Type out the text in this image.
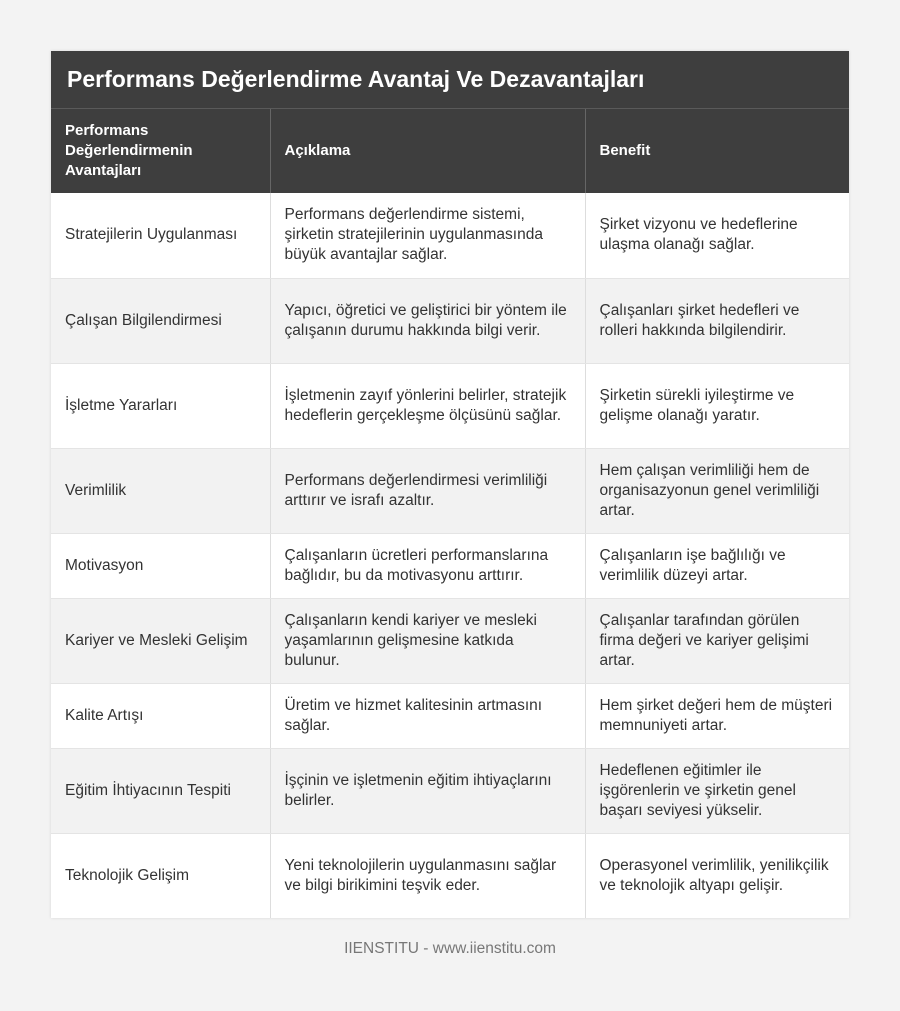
Performans Değerlendirme Avantaj Ve Dezavantajları
Performans Değerlendirmenin Avantajları	Açıklama	Benefit
Stratejilerin Uygulanması	Performans değerlendirme sistemi, şirketin stratejilerinin uygulanmasında büyük avantajlar sağlar.	Şirket vizyonu ve hedeflerine ulaşma olanağı sağlar.
Çalışan Bilgilendirmesi	Yapıcı, öğretici ve geliştirici bir yöntem ile çalışanın durumu hakkında bilgi verir.	Çalışanları şirket hedefleri ve rolleri hakkında bilgilendirir.
İşletme Yararları	İşletmenin zayıf yönlerini belirler, stratejik hedeflerin gerçekleşme ölçüsünü sağlar.	Şirketin sürekli iyileştirme ve gelişme olanağı yaratır.
Verimlilik	Performans değerlendirmesi verimliliği arttırır ve israfı azaltır.	Hem çalışan verimliliği hem de organisazyonun genel verimliliği artar.
Motivasyon	Çalışanların ücretleri performanslarına bağlıdır, bu da motivasyonu arttırır.	Çalışanların işe bağlılığı ve verimlilik düzeyi artar.
Kariyer ve Mesleki Gelişim	Çalışanların kendi kariyer ve mesleki yaşamlarının gelişmesine katkıda bulunur.	Çalışanlar tarafından görülen firma değeri ve kariyer gelişimi artar.
Kalite Artışı	Üretim ve hizmet kalitesinin artmasını sağlar.	Hem şirket değeri hem de müşteri memnuniyeti artar.
Eğitim İhtiyacının Tespiti	İşçinin ve işletmenin eğitim ihtiyaçlarını belirler.	Hedeflenen eğitimler ile işgörenlerin ve şirketin genel başarı seviyesi yükselir.
Teknolojik Gelişim	Yeni teknolojilerin uygulanmasını sağlar ve bilgi birikimini teşvik eder.	Operasyonel verimlilik, yenilikçilik ve teknolojik altyapı gelişir.
IIENSTITU - www.iienstitu.com
